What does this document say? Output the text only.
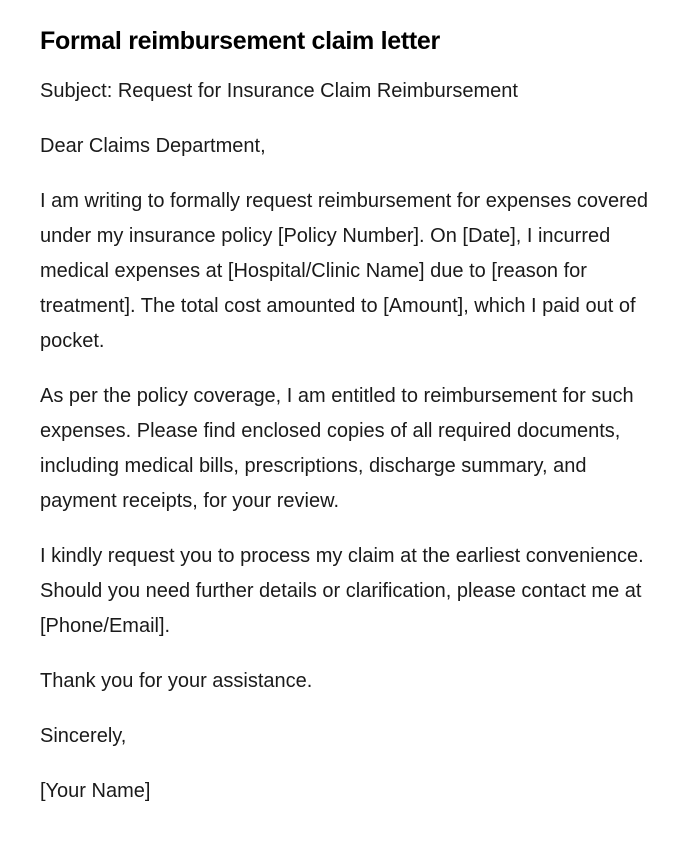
Formal reimbursement claim letter

Subject: Request for Insurance Claim Reimbursement

Dear Claims Department,

I am writing to formally request reimbursement for expenses covered under my insurance policy [Policy Number]. On [Date], I incurred medical expenses at [Hospital/Clinic Name] due to [reason for treatment]. The total cost amounted to [Amount], which I paid out of pocket.

As per the policy coverage, I am entitled to reimbursement for such expenses. Please find enclosed copies of all required documents, including medical bills, prescriptions, discharge summary, and payment receipts, for your review.

I kindly request you to process my claim at the earliest convenience. Should you need further details or clarification, please contact me at [Phone/Email].

Thank you for your assistance.

Sincerely,

[Your Name]
